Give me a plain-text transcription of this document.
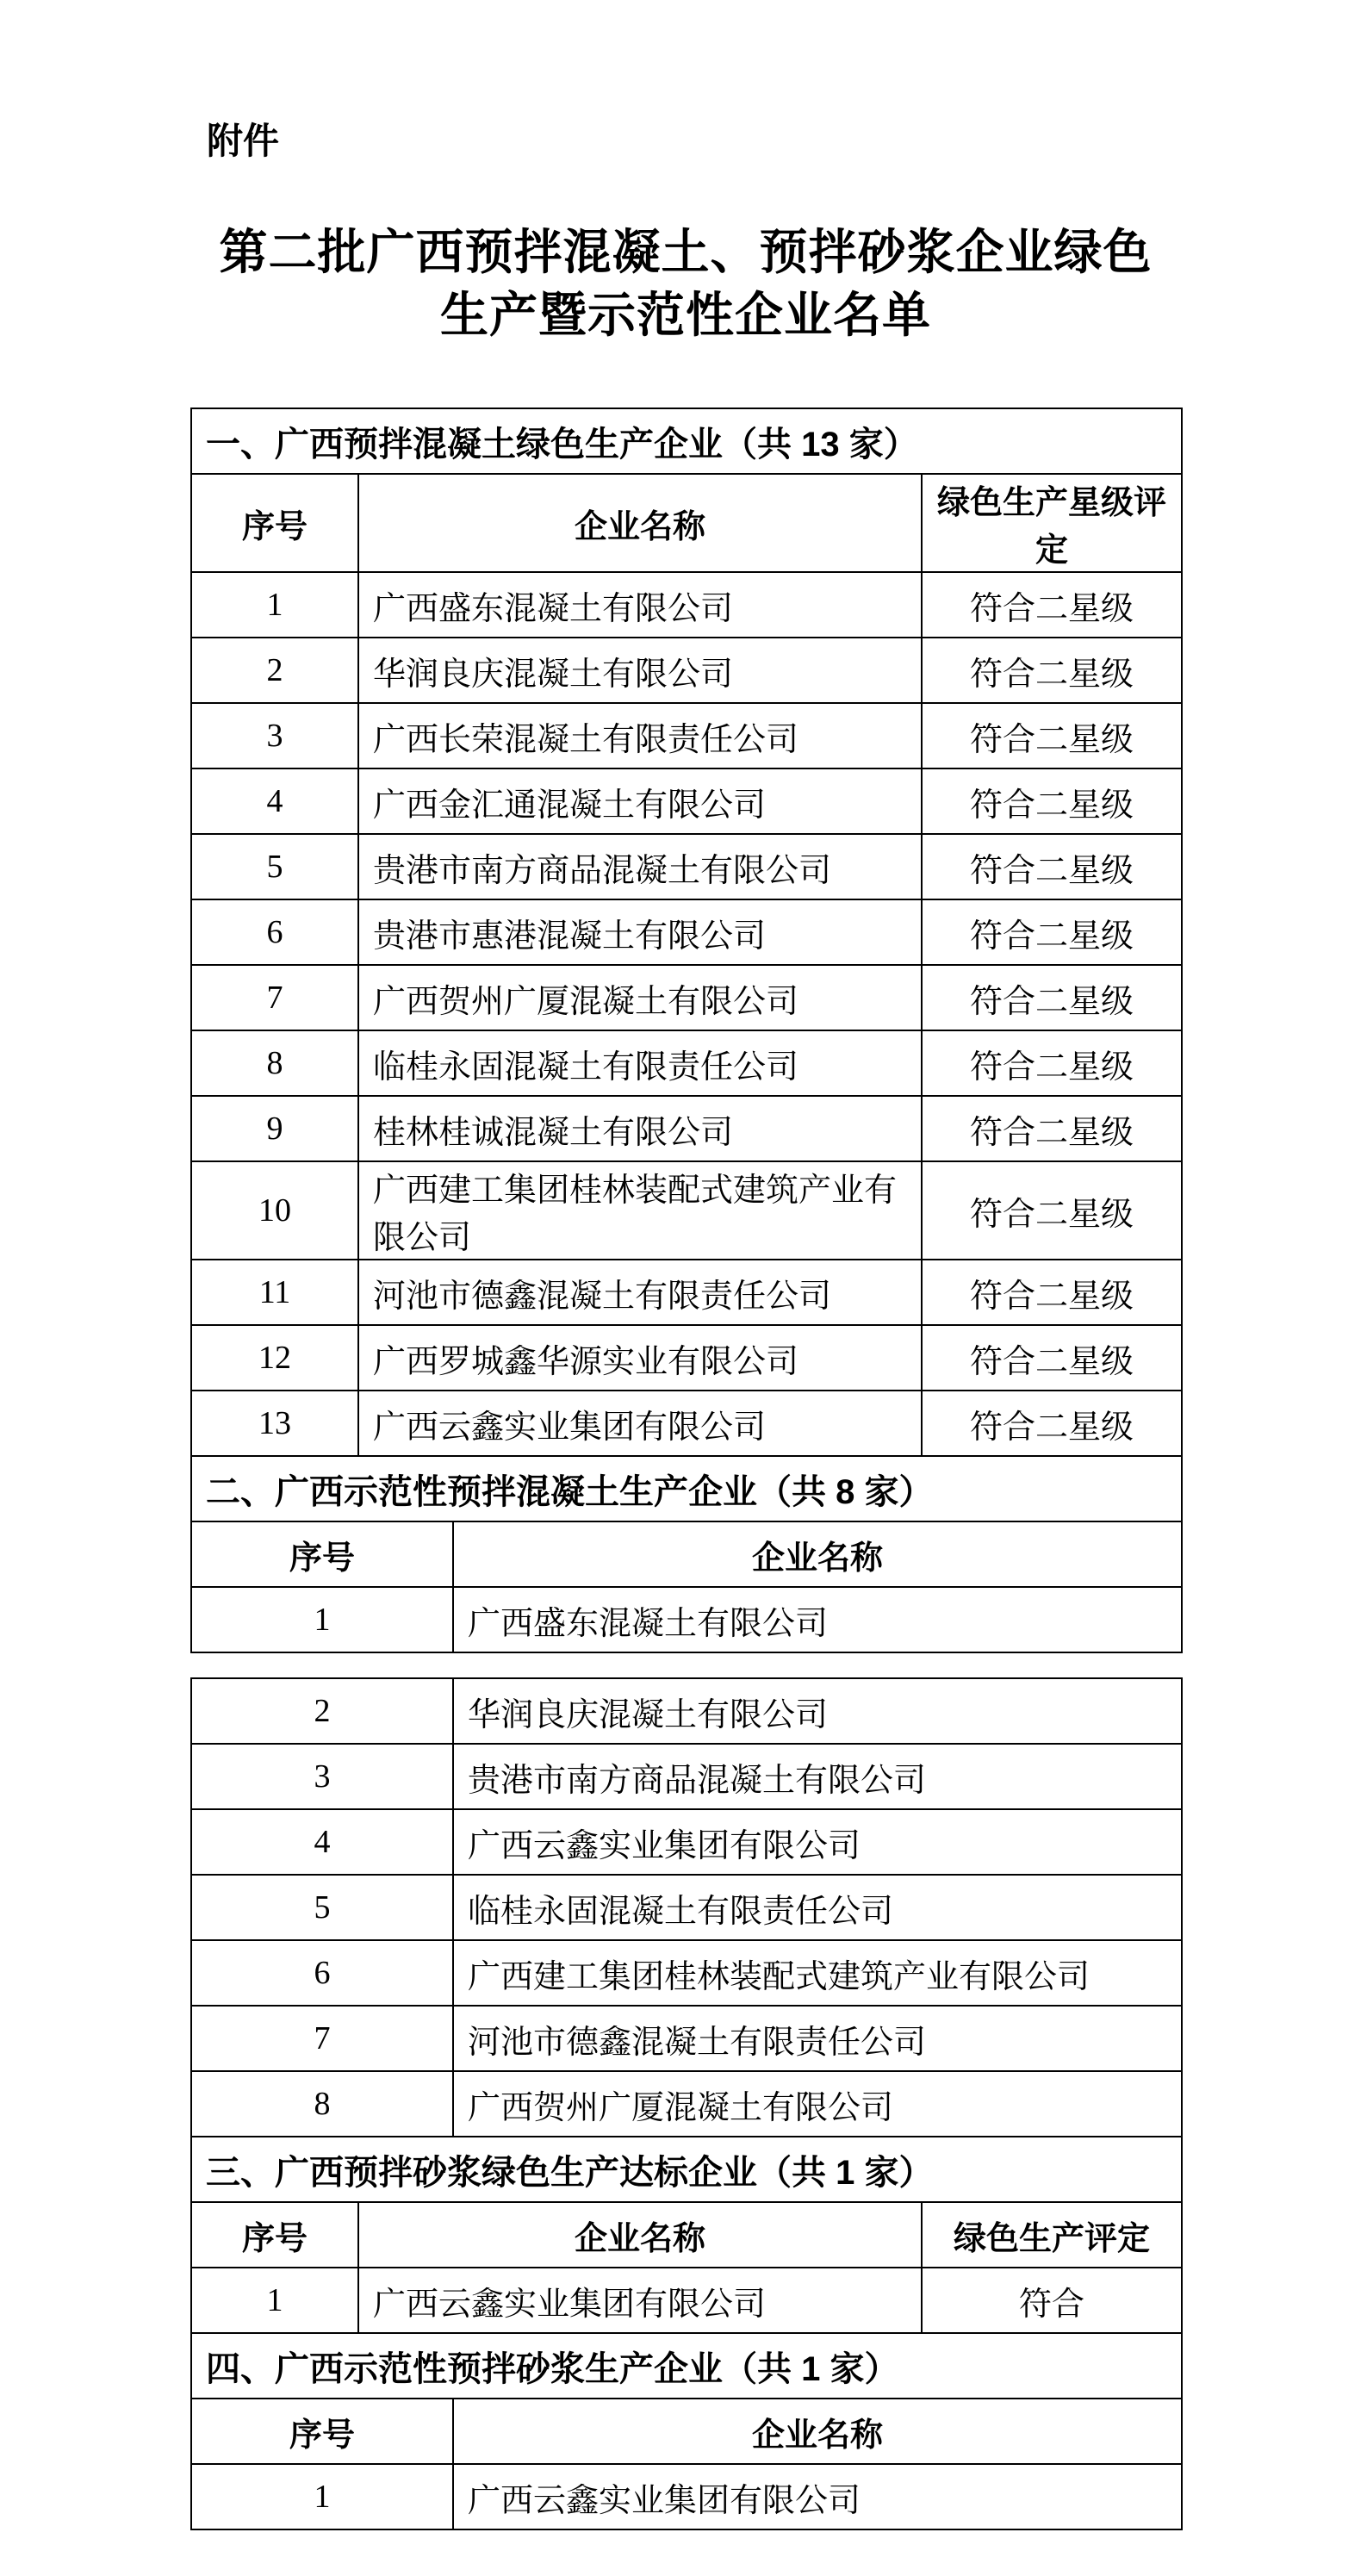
附件
第二批广西预拌混凝土、预拌砂浆企业绿色
生产暨示范性企业名单
一、广西预拌混凝土绿色生产企业（共 13 家）		
序号	企业名称	绿色生产星级评定
1	广西盛东混凝土有限公司	符合二星级
2	华润良庆混凝土有限公司	符合二星级
3	广西长荣混凝土有限责任公司	符合二星级
4	广西金汇通混凝土有限公司	符合二星级
5	贵港市南方商品混凝土有限公司	符合二星级
6	贵港市惠港混凝土有限公司	符合二星级
7	广西贺州广厦混凝土有限公司	符合二星级
8	临桂永固混凝土有限责任公司	符合二星级
9	桂林桂诚混凝土有限公司	符合二星级
10	广西建工集团桂林装配式建筑产业有限公司	符合二星级
11	河池市德鑫混凝土有限责任公司	符合二星级
12	广西罗城鑫华源实业有限公司	符合二星级
13	广西云鑫实业集团有限公司	符合二星级
二、广西示范性预拌混凝土生产企业（共 8 家）	
序号	企业名称
1	广西盛东混凝土有限公司
2	华润良庆混凝土有限公司
3	贵港市南方商品混凝土有限公司
4	广西云鑫实业集团有限公司
5	临桂永固混凝土有限责任公司
6	广西建工集团桂林装配式建筑产业有限公司
7	河池市德鑫混凝土有限责任公司
8	广西贺州广厦混凝土有限公司
三、广西预拌砂浆绿色生产达标企业（共 1 家）		
序号	企业名称	绿色生产评定
1	广西云鑫实业集团有限公司	符合
四、广西示范性预拌砂浆生产企业（共 1 家）	
序号	企业名称
1	广西云鑫实业集团有限公司
